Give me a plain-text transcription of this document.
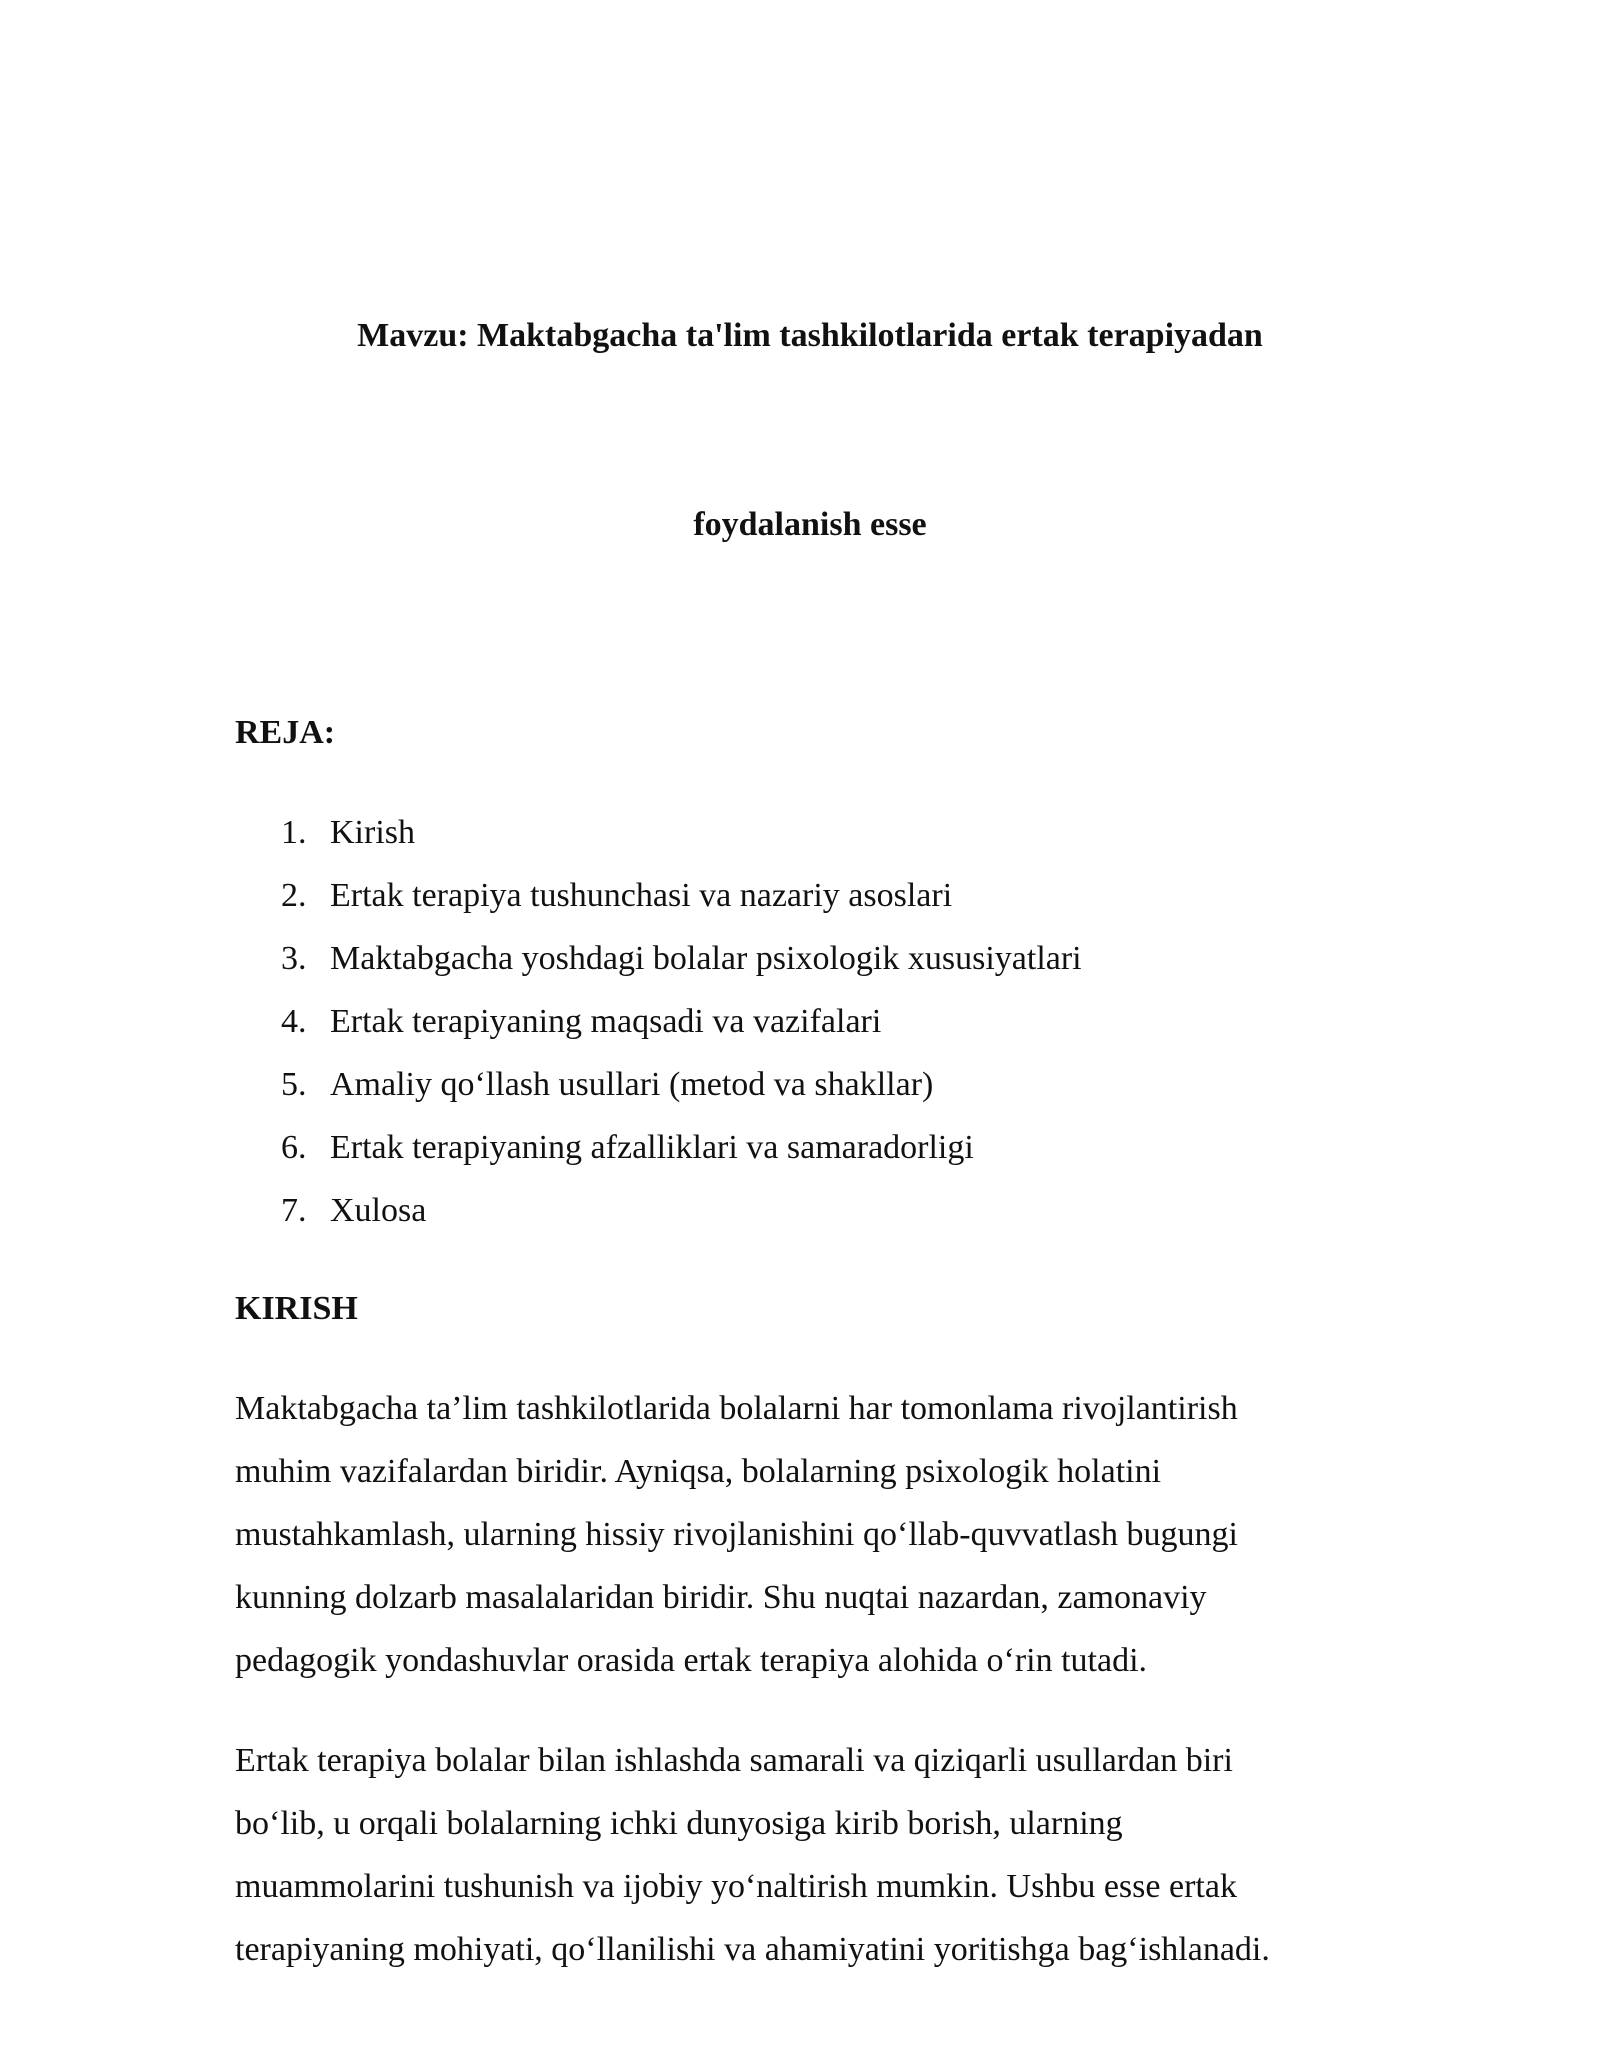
Mavzu: Maktabgacha ta'lim tashkilotlarida ertak terapiyadan

foydalanish esse

REJA:
1. Kirish
2. Ertak terapiya tushunchasi va nazariy asoslari
3. Maktabgacha yoshdagi bolalar psixologik xususiyatlari
4. Ertak terapiyaning maqsadi va vazifalari
5. Amaliy qo‘llash usullari (metod va shakllar)
6. Ertak terapiyaning afzalliklari va samaradorligi
7. Xulosa
KIRISH

Maktabgacha ta’lim tashkilotlarida bolalarni har tomonlama rivojlantirish
muhim vazifalardan biridir. Ayniqsa, bolalarning psixologik holatini
mustahkamlash, ularning hissiy rivojlanishini qo‘llab-quvvatlash bugungi
kunning dolzarb masalalaridan biridir. Shu nuqtai nazardan, zamonaviy
pedagogik yondashuvlar orasida ertak terapiya alohida o‘rin tutadi.

Ertak terapiya bolalar bilan ishlashda samarali va qiziqarli usullardan biri
bo‘lib, u orqali bolalarning ichki dunyosiga kirib borish, ularning
muammolarini tushunish va ijobiy yo‘naltirish mumkin. Ushbu esse ertak
terapiyaning mohiyati, qo‘llanilishi va ahamiyatini yoritishga bag‘ishlanadi.
